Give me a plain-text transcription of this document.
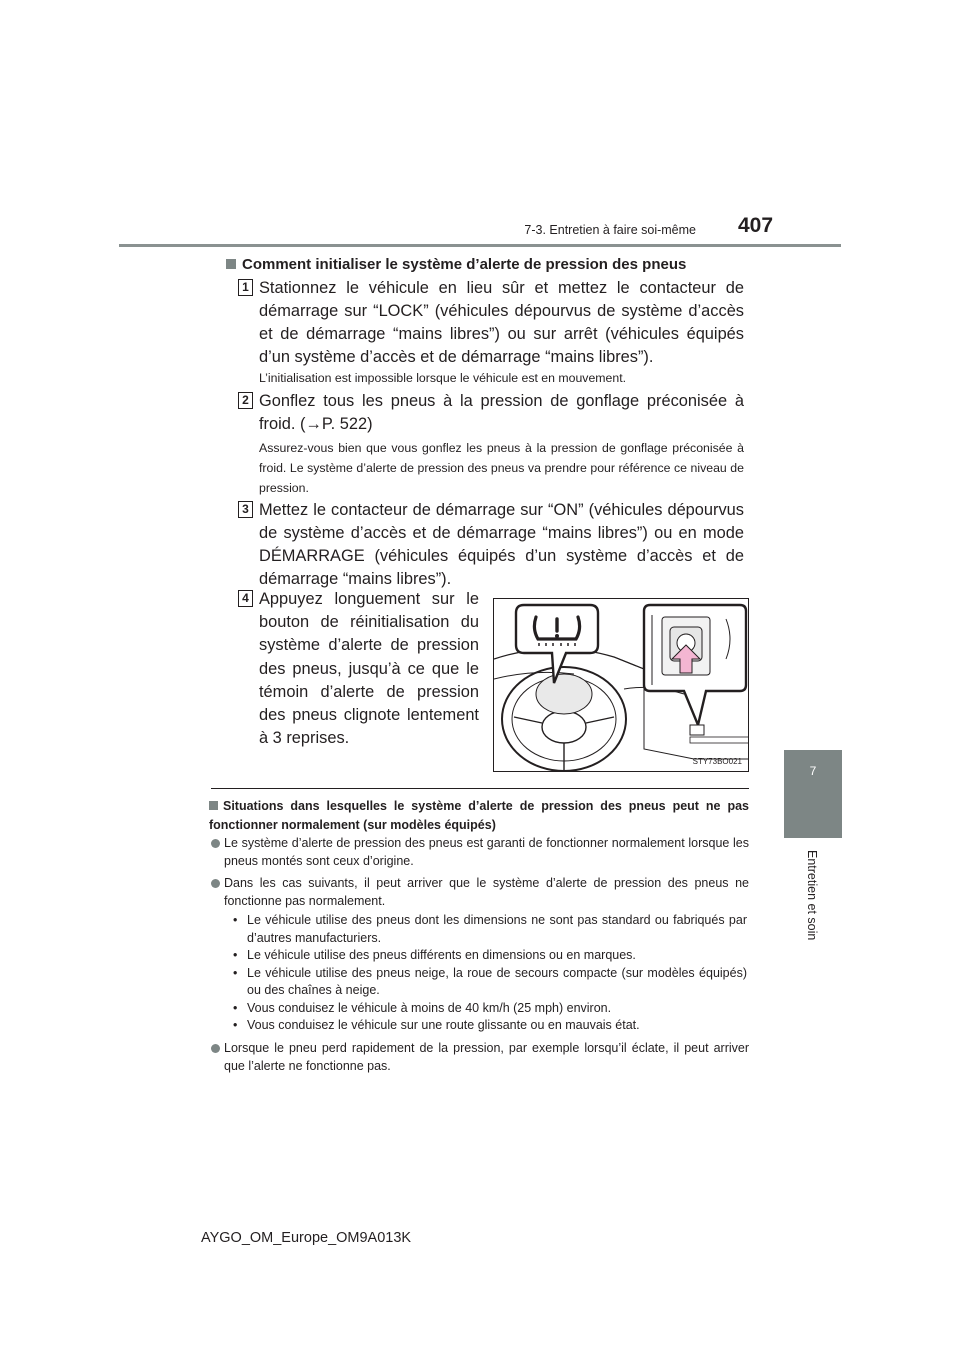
7-3. Entretien à faire soi-même 407
7
Entretien et soin
Comment initialiser le système d’alerte de pression des pneus
1 Stationnez le véhicule en lieu sûr et mettez le contacteur de démarrage sur “LOCK” (véhicules dépourvus de système d’accès et de démarrage “mains libres”) ou sur arrêt (véhicules équipés d’un système d’accès et de démarrage “mains libres”).
L’initialisation est impossible lorsque le véhicule est en mouvement.
2 Gonflez tous les pneus à la pression de gonflage préconisée à froid. (→P. 522)
Assurez-vous bien que vous gonflez les pneus à la pression de gonflage préconisée à froid. Le système d’alerte de pression des pneus va prendre pour référence ce niveau de pression.
3 Mettez le contacteur de démarrage sur “ON” (véhicules dépourvus de système d’accès et de démarrage “mains libres”) ou en mode DÉMARRAGE (véhicules équipés d’un système d’accès et de démarrage “mains libres”).
4 Appuyez longuement sur le bouton de réinitialisation du système d’alerte de pression des pneus, jusqu’à ce que le témoin d’alerte de pression des pneus clignote lentement à 3 reprises.
STY73BO021
Situations dans lesquelles le système d’alerte de pression des pneus peut ne pas fonctionner normalement (sur modèles équipés)
Le système d’alerte de pression des pneus est garanti de fonctionner normalement lorsque les pneus montés sont ceux d’origine.
Dans les cas suivants, il peut arriver que le système d’alerte de pression des pneus ne fonctionne pas normalement.
• Le véhicule utilise des pneus dont les dimensions ne sont pas standard ou fabriqués par d’autres manufacturiers.
• Le véhicule utilise des pneus différents en dimensions ou en marques.
• Le véhicule utilise des pneus neige, la roue de secours compacte (sur modèles équipés) ou des chaînes à neige.
• Vous conduisez le véhicule à moins de 40 km/h (25 mph) environ.
• Vous conduisez le véhicule sur une route glissante ou en mauvais état.
Lorsque le pneu perd rapidement de la pression, par exemple lorsqu’il éclate, il peut arriver que l’alerte ne fonctionne pas.
AYGO_OM_Europe_OM9A013K
